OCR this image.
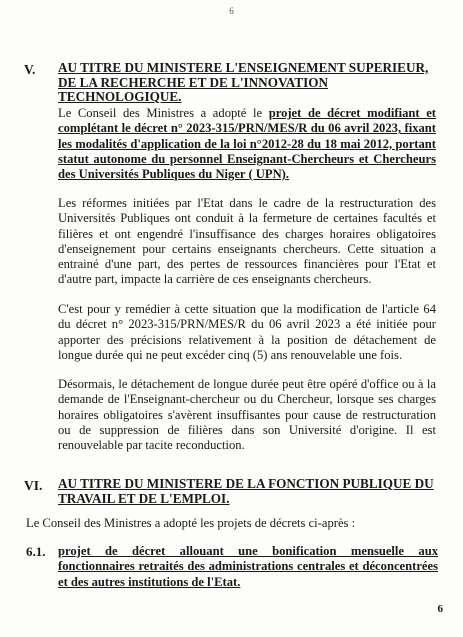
6
V. AU TITRE DU MINISTERE L'ENSEIGNEMENT SUPERIEUR, DE LA RECHERCHE ET DE L'INNOVATION TECHNOLOGIQUE.
Le Conseil des Ministres a adopté le projet de décret modifiant et complétant le décret n° 2023-315/PRN/MES/R du 06 avril 2023, fixant les modalités d'application de la loi n°2012-28 du 18 mai 2012, portant statut autonome du personnel Enseignant-Chercheurs et Chercheurs des Universités Publiques du Niger ( UPN).
Les réformes initiées par l'Etat dans le cadre de la restructuration des Universités Publiques ont conduit à la fermeture de certaines facultés et filières et ont engendré l'insuffisance des charges horaires obligatoires d'enseignement pour certains enseignants chercheurs. Cette situation a entrainé d'une part, des pertes de ressources financières pour l'Etat et d'autre part, impacte la carrière de ces enseignants chercheurs.
C'est pour y remédier à cette situation que la modification de l'article 64 du décret n° 2023-315/PRN/MES/R du 06 avril 2023 a été initiée pour apporter des précisions relativement à la position de détachement de longue durée qui ne peut excéder cinq (5) ans renouvelable une fois.
Désormais, le détachement de longue durée peut être opéré d'office ou à la demande de l'Enseignant-chercheur ou du Chercheur, lorsque ses charges horaires obligatoires s'avèrent insuffisantes pour cause de restructuration ou de suppression de filières dans son Université d'origine. Il est renouvelable par tacite reconduction.
VI. AU TITRE DU MINISTERE DE LA FONCTION PUBLIQUE DU TRAVAIL ET DE L'EMPLOI.
Le Conseil des Ministres a adopté les projets de décrets ci-après :
6.1. projet de décret allouant une bonification mensuelle aux fonctionnaires retraités des administrations centrales et déconcentrées et des autres institutions de l'Etat.
6
